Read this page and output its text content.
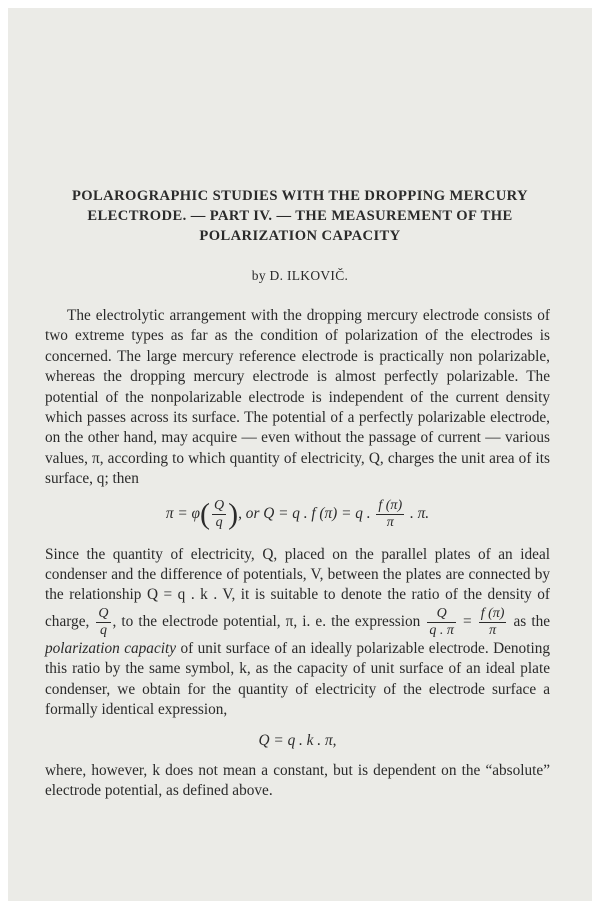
POLAROGRAPHIC STUDIES WITH THE DROPPING MERCURY
ELECTRODE. — PART IV. — THE MEASUREMENT OF THE
POLARIZATION CAPACITY
by D. ILKOVIČ.

The electrolytic arrangement with the dropping mercury electrode consists of two extreme types as far as the condition of polarization of the electrodes is concerned. The large mercury reference electrode is practically non polarizable, whereas the dropping mercury electrode is almost perfectly polarizable. The potential of the nonpolarizable electrode is independent of the current density which passes across its surface. The potential of a perfectly polarizable electrode, on the other hand, may acquire — even without the passage of current — various values, π, according to which quantity of electricity, Q, charges the unit area of its surface, q; then

$\pi = \varphi( \frac{Q}{q}$ ), or Q = q . f (π) = q . $\frac{f (\pi)}{\pi}$ . π.

Since the quantity of electricity, Q, placed on the parallel plates of an ideal condenser and the difference of potentials, V, between the plates are connected by the relationship Q = q . k . V, it is suitable to denote the ratio of the density of charge, $\frac{Q}{q}$ , to the electrode potential, π, i. e. the expression $\frac{Q}{q . \pi} = \frac{f (\pi)}{\pi}$ as the polarization capacity of unit surface of an ideally polarizable electrode. Denoting this ratio by the same symbol, k, as the capacity of unit surface of an ideal plate condenser, we obtain for the quantity of electricity of the electrode surface a formally identical expression,

Q = q . k . π,

where, however, k does not mean a constant, but is dependent on the “absolute” electrode potential, as defined above.
